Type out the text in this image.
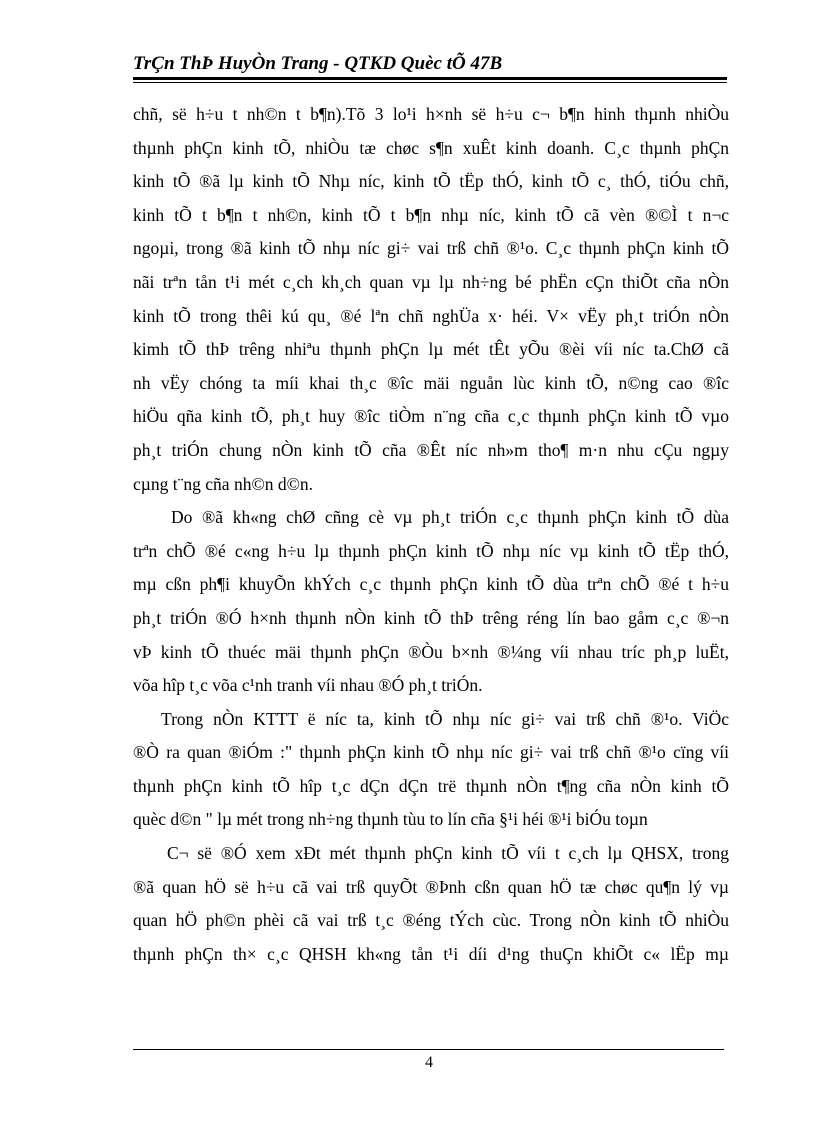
TrÇn ThÞ HuyÒn Trang - QTKD Quèc tÕ 47B
chñ, së h÷u t nh©n t b¶n).Tõ 3 lo¹i h×nh së h÷u c¬ b¶n hinh thµnh nhiÒu
thµnh phÇn kinh tÕ, nhiÒu tæ chøc s¶n xuÊt kinh doanh. C¸c thµnh phÇn
kinh tÕ ®ã lµ kinh tÕ Nhµ níc, kinh tÕ tËp thÓ, kinh tÕ c¸ thÓ, tiÓu chñ,
kinh tÕ t b¶n t nh©n, kinh tÕ t b¶n nhµ níc, kinh tÕ cã vèn ®©Ì t n¬c
ngoµi, trong ®ã kinh tÕ nhµ níc gi÷ vai trß chñ ®¹o. C¸c thµnh phÇn kinh tÕ
nãi trªn tån t¹i mét c¸ch kh¸ch quan vµ lµ nh÷ng bé phËn cÇn thiÕt cña nÒn
kinh tÕ trong thêi kú qu¸ ®é lªn chñ nghÜa x· héi. V× vËy ph¸t triÓn nÒn
kimh tÕ thÞ trêng nhiªu thµnh phÇn lµ mét tÊt yÕu ®èi víi níc ta.ChØ cã
nh vËy chóng ta míi khai th¸c ®îc mäi nguån lùc kinh tÕ, n©ng cao ®îc
hiÖu qña kinh tÕ, ph¸t huy ®îc tiÒm n¨ng cña c¸c thµnh phÇn kinh tÕ vµo
ph¸t triÓn chung nÒn kinh tÕ cña ®Êt níc nh»m tho¶ m·n nhu cÇu ngµy
cµng t¨ng cña nh©n d©n.
Do ®ã kh«ng chØ cñng cè vµ ph¸t triÓn c¸c thµnh phÇn kinh tÕ dùa
trªn chÕ ®é c«ng h÷u lµ thµnh phÇn kinh tÕ nhµ níc vµ kinh tÕ tËp thÓ,
mµ cßn ph¶i khuyÕn khÝch c¸c thµnh phÇn kinh tÕ dùa trªn chÕ ®é t h÷u
ph¸t triÓn ®Ó h×nh thµnh nÒn kinh tÕ thÞ trêng réng lín bao gåm c¸c ®¬n
vÞ kinh tÕ thuéc mäi thµnh phÇn ®Òu b×nh ®¼ng víi nhau tríc ph¸p luËt,
võa hîp t¸c võa c¹nh tranh víi nhau ®Ó ph¸t triÓn.
Trong nÒn KTTT ë níc ta, kinh tÕ nhµ níc gi÷ vai trß chñ ®¹o. ViÖc
®Ò ra quan ®iÓm :" thµnh phÇn kinh tÕ nhµ níc gi÷ vai trß chñ ®¹o cïng víi
thµnh phÇn kinh tÕ hîp t¸c dÇn dÇn trë thµnh nÒn t¶ng cña nÒn kinh tÕ
quèc d©n " lµ mét trong nh÷ng thµnh tùu to lín cña §¹i héi ®¹i biÓu toµn
C¬ së ®Ó xem xÐt mét thµnh phÇn kinh tÕ víi t c¸ch lµ QHSX, trong
®ã quan hÖ së h÷u cã vai trß quyÕt ®Þnh cßn quan hÖ tæ chøc qu¶n lý vµ
quan hÖ ph©n phèi cã vai trß t¸c ®éng tÝch cùc. Trong nÒn kinh tÕ nhiÒu
thµnh phÇn th× c¸c QHSH kh«ng tån t¹i díi d¹ng thuÇn khiÕt c« lËp mµ
4
